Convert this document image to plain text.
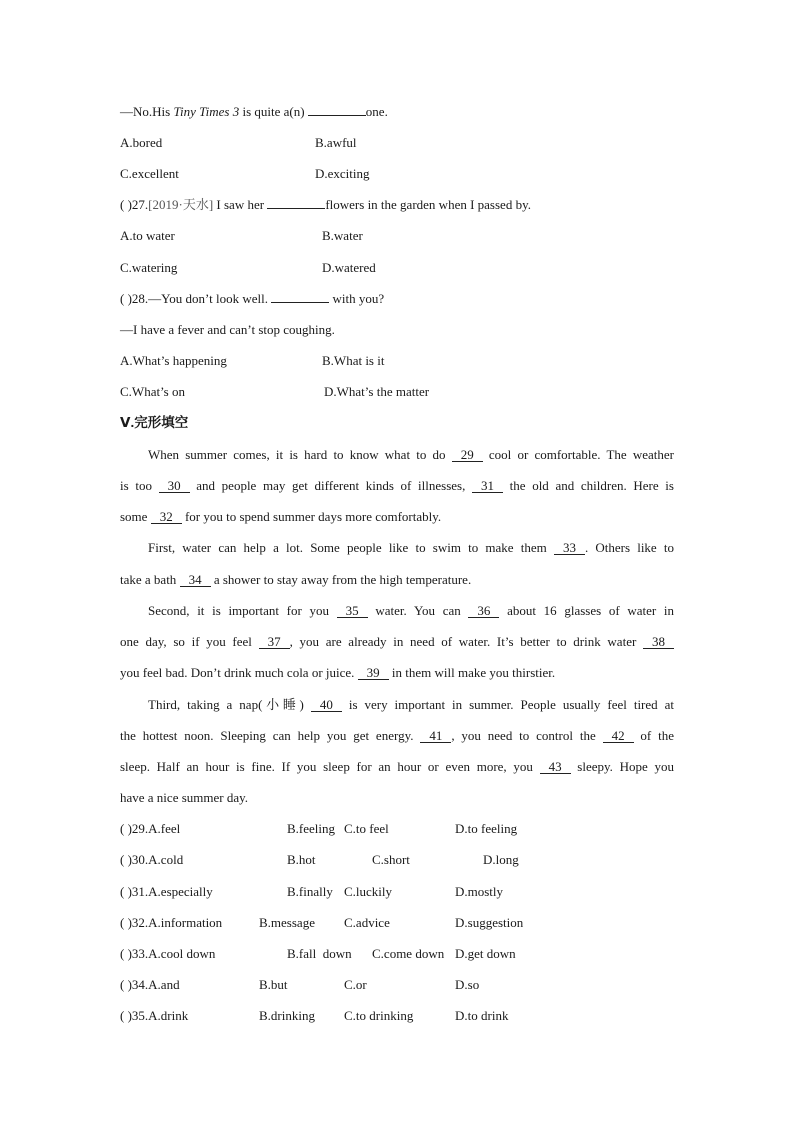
—No.His Tiny Times 3 is quite a(n)	one.
A.bored	B.awful
C.excellent	D.exciting
( )27.[2019·天水] I saw her	flowers in the garden when I passed by.
A.to water	B.water
C.watering	D.watered
( )28.—You don’t look well.	with you?
—I have a fever and can’t stop coughing.
A.What’s happening	B.What is it
C.What’s on	D.What’s the matter
Ⅴ.完形填空
When summer comes, it is hard to know what to do 29 cool or comfortable. The weather
is too 30 and people may get different kinds of illnesses, 31 the old and children. Here is
some 32 for you to spend summer days more comfortably.
First, water can help a lot. Some people like to swim to make them 33 . Others like to
take a bath 34 a shower to stay away from the high temperature.
Second, it is important for you 35 water. You can 36 about 16 glasses of water in
one day, so if you feel 37 , you are already in need of water. It’s better to drink water 38
you feel bad. Don’t drink much cola or juice. 39 in them will make you thirstier.
Third, taking a nap(小睡) 40 is very important in summer. People usually feel tired at
the hottest noon. Sleeping can help you get energy. 41 , you need to control the 42 of the
sleep. Half an hour is fine. If you sleep for an hour or even more, you 43 sleepy. Hope you
have a nice summer day.
( )29.A.feel	B.feeling C.to feel	D.to feeling
( )30.A.cold	B.hot	C.short	D.long
( )31.A.especially	B.finally C.luckily	D.mostly
( )32.A.information	B.message C.advice	D.suggestion
( )33.A.cool down	B.fall  down C.come down D.get down
( )34.A.and	B.but	C.or	D.so
( )35.A.drink	B.drinking C.to drinking	D.to drink
